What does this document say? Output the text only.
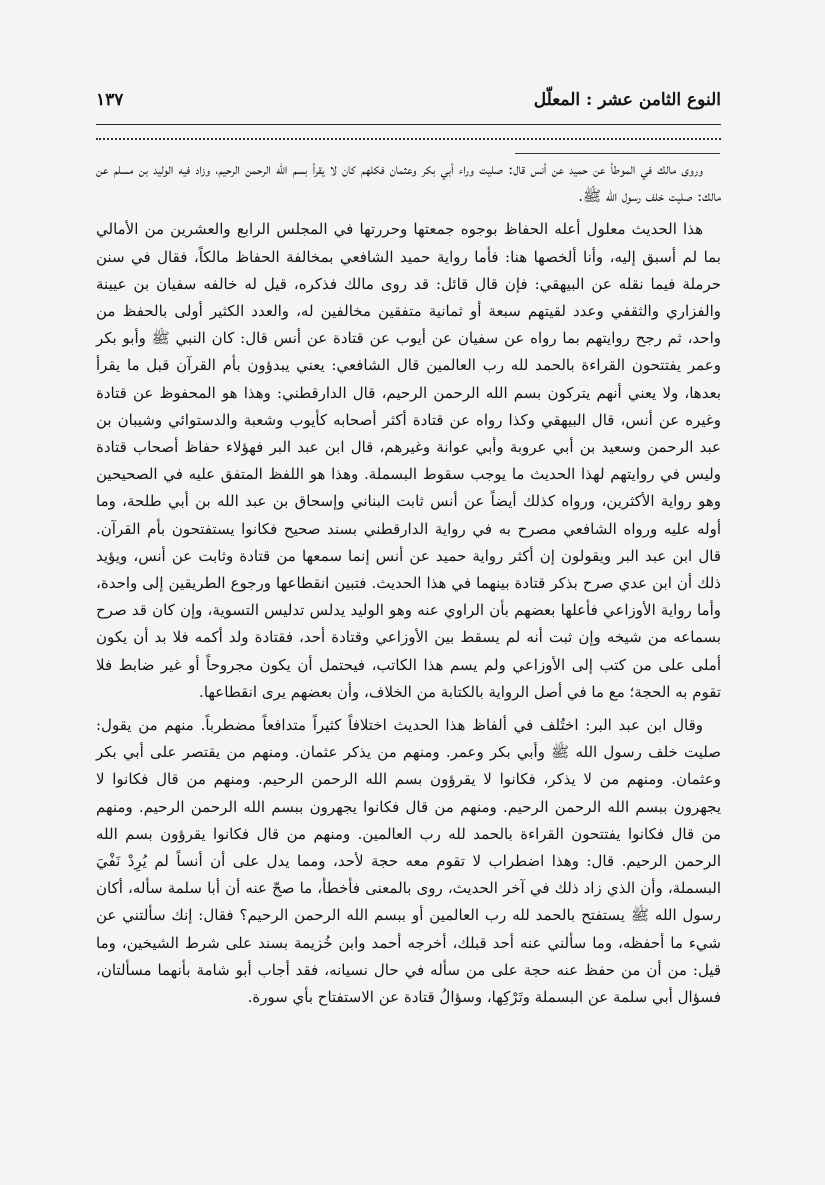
النوع الثامن عشر : المعلّل
١٣٧

وروى مالك في الموطأ عن حميد عن أنس قال: صليت وراء أبي بكر وعثمان فكلهم كان لا يقرأ بسم الله الرحمن الرحيم، وزاد فيه الوليد بن مسلم عن مالك: صليت خلف رسول الله ﷺ.

هذا الحديث معلول أعله الحفاظ بوجوه جمعتها وحررتها في المجلس الرابع والعشرين من الأمالي بما لم أسبق إليه، وأنا ألخصها هنا: فأما رواية حميد الشافعي بمخالفة الحفاظ مالكاً، فقال في سنن حرملة فيما نقله عن البيهقي: فإن قال قائل: قد روى مالك فذكره، قيل له خالفه سفيان بن عيينة والفزاري والثقفي وعدد لقيتهم سبعة أو ثمانية متفقين مخالفين له، والعدد الكثير أولى بالحفظ من واحد، ثم رجح روايتهم بما رواه عن سفيان عن أيوب عن قتادة عن أنس قال: كان النبي ﷺ وأبو بكر وعمر يفتتحون القراءة بالحمد لله رب العالمين قال الشافعي: يعني يبدؤون بأم القرآن قبل ما يقرأ بعدها، ولا يعني أنهم يتركون بسم الله الرحمن الرحيم، قال الدارقطني: وهذا هو المحفوظ عن قتادة وغيره عن أنس، قال البيهقي وكذا رواه عن قتادة أكثر أصحابه كأيوب وشعبة والدستوائي وشيبان بن عبد الرحمن وسعيد بن أبي عروبة وأبي عوانة وغيرهم، قال ابن عبد البر فهؤلاء حفاظ أصحاب قتادة وليس في روايتهم لهذا الحديث ما يوجب سقوط البسملة. وهذا هو اللفظ المتفق عليه في الصحيحين وهو رواية الأكثرين، ورواه كذلك أيضاً عن أنس ثابت البناني وإسحاق بن عبد الله بن أبي طلحة، وما أوله عليه ورواه الشافعي مصرح به في رواية الدارقطني بسند صحيح فكانوا يستفتحون بأم القرآن. قال ابن عبد البر ويقولون إن أكثر رواية حميد عن أنس إنما سمعها من قتادة وثابت عن أنس، ويؤيد ذلك أن ابن عدي صرح بذكر قتادة بينهما في هذا الحديث. فتبين انقطاعها ورجوع الطريقين إلى واحدة، وأما رواية الأوزاعي فأعلها بعضهم بأن الراوي عنه وهو الوليد يدلس تدليس التسوية، وإن كان قد صرح بسماعه من شيخه وإن ثبت أنه لم يسقط بين الأوزاعي وقتادة أحد، فقتادة ولد أكمه فلا بد أن يكون أملى على من كتب إلى الأوزاعي ولم يسم هذا الكاتب، فيحتمل أن يكون مجروحاً أو غير ضابط فلا تقوم به الحجة؛ مع ما في أصل الرواية بالكتابة من الخلاف، وأن بعضهم يرى انقطاعها.

وقال ابن عبد البر: اختُلف في ألفاظ هذا الحديث اختلافاً كثيراً متدافعاً مضطرباً. منهم من يقول: صليت خلف رسول الله ﷺ وأبي بكر وعمر. ومنهم من يذكر عثمان. ومنهم من يقتصر على أبي بكر وعثمان. ومنهم من لا يذكر، فكانوا لا يقرؤون بسم الله الرحمن الرحيم. ومنهم من قال فكانوا لا يجهرون ببسم الله الرحمن الرحيم. ومنهم من قال فكانوا يجهرون ببسم الله الرحمن الرحيم. ومنهم من قال فكانوا يفتتحون القراءة بالحمد لله رب العالمين. ومنهم من قال فكانوا يقرؤون بسم الله الرحمن الرحيم. قال: وهذا اضطراب لا تقوم معه حجة لأحد، ومما يدل على أن أنساً لم يُرِدْ نَفْيَ البسملة، وأن الذي زاد ذلك في آخر الحديث، روى بالمعنى فأخطأ، ما صحّ عنه أن أبا سلمة سأله، أكان رسول الله ﷺ يستفتح بالحمد لله رب العالمين أو ببسم الله الرحمن الرحيم؟ فقال: إنك سألتني عن شيء ما أحفظه، وما سألني عنه أحد قبلك، أخرجه أحمد وابن خُزيمة بسند على شرط الشيخين، وما قيل: من أن من حفظ عنه حجة على من سأله في حال نسيانه، فقد أجاب أبو شامة بأنهما مسألتان، فسؤال أبي سلمة عن البسملة وتَرْكِها، وسؤالُ قتادة عن الاستفتاح بأي سورة.
